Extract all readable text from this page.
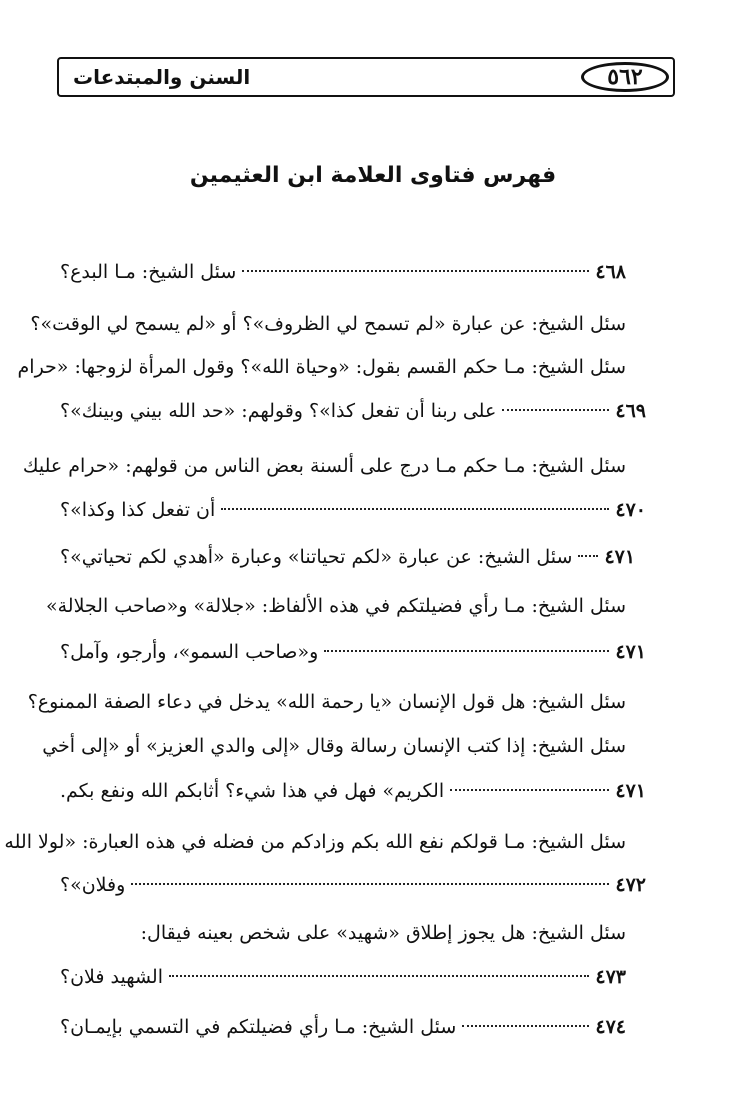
السنن والمبتدعات	٥٦٢
فهرس فتاوى العلامة ابن العثيمين
سئل الشيخ: مـا البدع؟	٤٦٨
سئل الشيخ: عن عبارة «لم تسمح لي الظروف»؟ أو «لم يسمح لي الوقت»؟
سئل الشيخ: مـا حكم القسم بقول: «وحياة الله»؟ وقول المرأة لزوجها: «حرام
على ربنا أن تفعل كذا»؟ وقولهم: «حد الله بيني وبينك»؟	٤٦٩
سئل الشيخ: مـا حكم مـا درج على ألسنة بعض الناس من قولهم: «حرام عليك
أن تفعل كذا وكذا»؟	٤٧٠
سئل الشيخ: عن عبارة «لكم تحياتنا» وعبارة «أهدي لكم تحياتي»؟ ٤٧١
سئل الشيخ: مـا رأي فضيلتكم في هذه الألفاظ: «جلالة» و«صاحب الجلالة»
و«صاحب السمو»، وأرجو، وآمل؟	٤٧١
سئل الشيخ: هل قول الإنسان «يا رحمة الله» يدخل في دعاء الصفة الممنوع؟
سئل الشيخ: إذا كتب الإنسان رسالة وقال «إلى والدي العزيز» أو «إلى أخي
الكريم» فهل في هذا شيء؟ أثابكم الله ونفع بكم.	٤٧١
سئل الشيخ: مـا قولكم نفع الله بكم وزادكم من فضله في هذه العبارة: «لولا الله
وفلان»؟	٤٧٢
سئل الشيخ: هل يجوز إطلاق «شهيد» على شخص بعينه فيقال:
الشهيد فلان؟	٤٧٣
سئل الشيخ: مـا رأي فضيلتكم في التسمي بإيمـان؟	٤٧٤
